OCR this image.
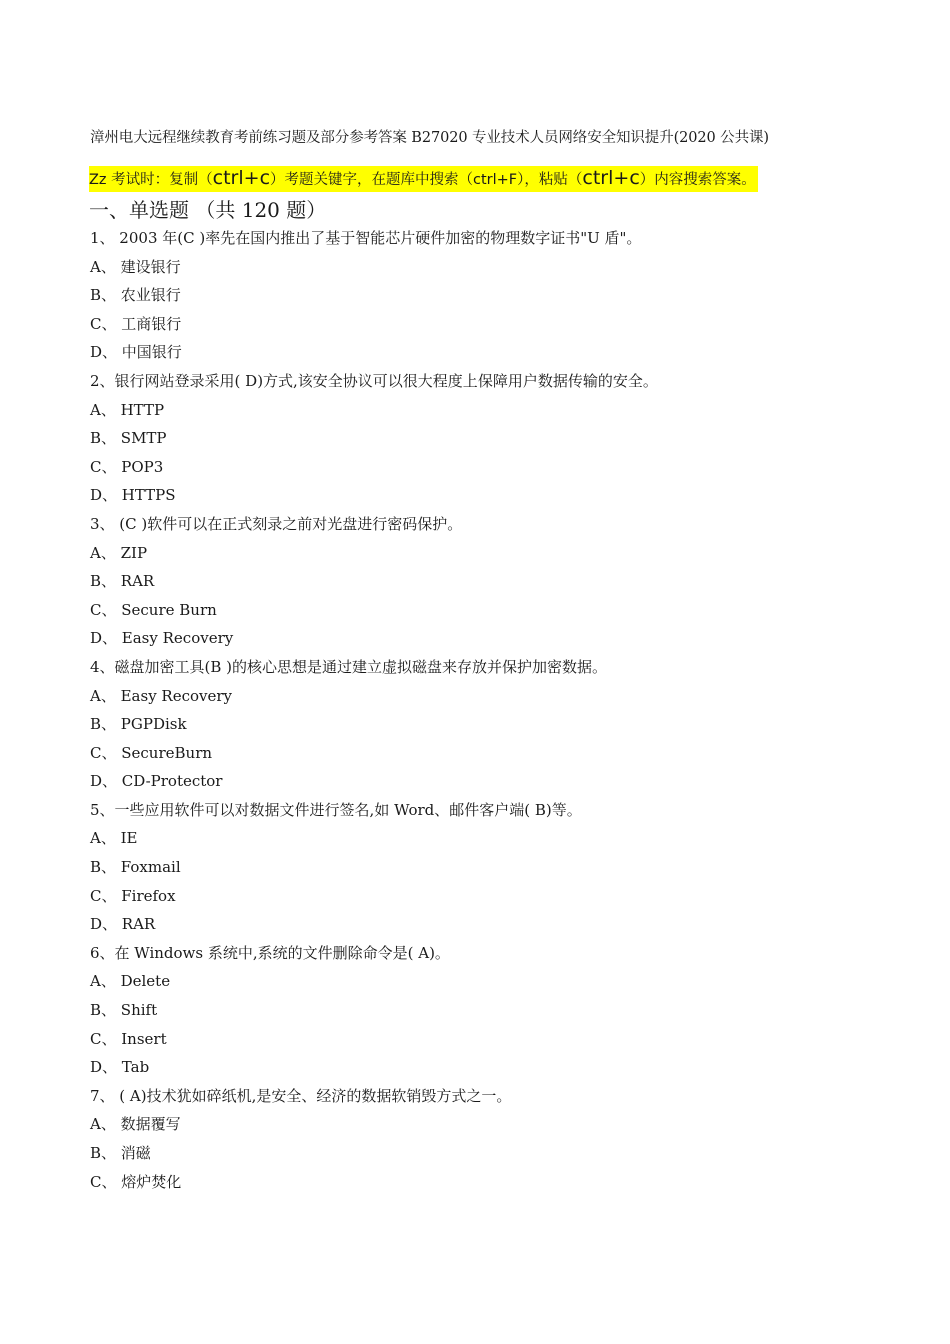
漳州电大远程继续教育考前练习题及部分参考答案 B27020 专业技术人员网络安全知识提升(2020 公共课)
Zz 考试时：复制（ctrl+c）考题关键字，在题库中搜索（ctrl+F），粘贴（ctrl+c）内容搜索答案。
一、单选题 （共 120 题）
1、 2003 年(C )率先在国内推出了基于智能芯片硬件加密的物理数字证书"U 盾"。
A、 建设银行
B、 农业银行
C、 工商银行
D、 中国银行
2、银行网站登录采用( D)方式,该安全协议可以很大程度上保障用户数据传输的安全。
A、 HTTP
B、 SMTP
C、 POP3
D、 HTTPS
3、 (C )软件可以在正式刻录之前对光盘进行密码保护。
A、 ZIP
B、 RAR
C、 Secure Burn
D、 Easy Recovery
4、磁盘加密工具(B )的核心思想是通过建立虚拟磁盘来存放并保护加密数据。
A、 Easy Recovery
B、 PGPDisk
C、 SecureBurn
D、 CD-Protector
5、一些应用软件可以对数据文件进行签名,如 Word、邮件客户端( B)等。
A、 IE
B、 Foxmail
C、 Firefox
D、 RAR
6、在 Windows 系统中,系统的文件删除命令是( A)。
A、 Delete
B、 Shift
C、 Insert
D、 Tab
7、 ( A)技术犹如碎纸机,是安全、经济的数据软销毁方式之一。
A、 数据覆写
B、 消磁
C、 熔炉焚化
